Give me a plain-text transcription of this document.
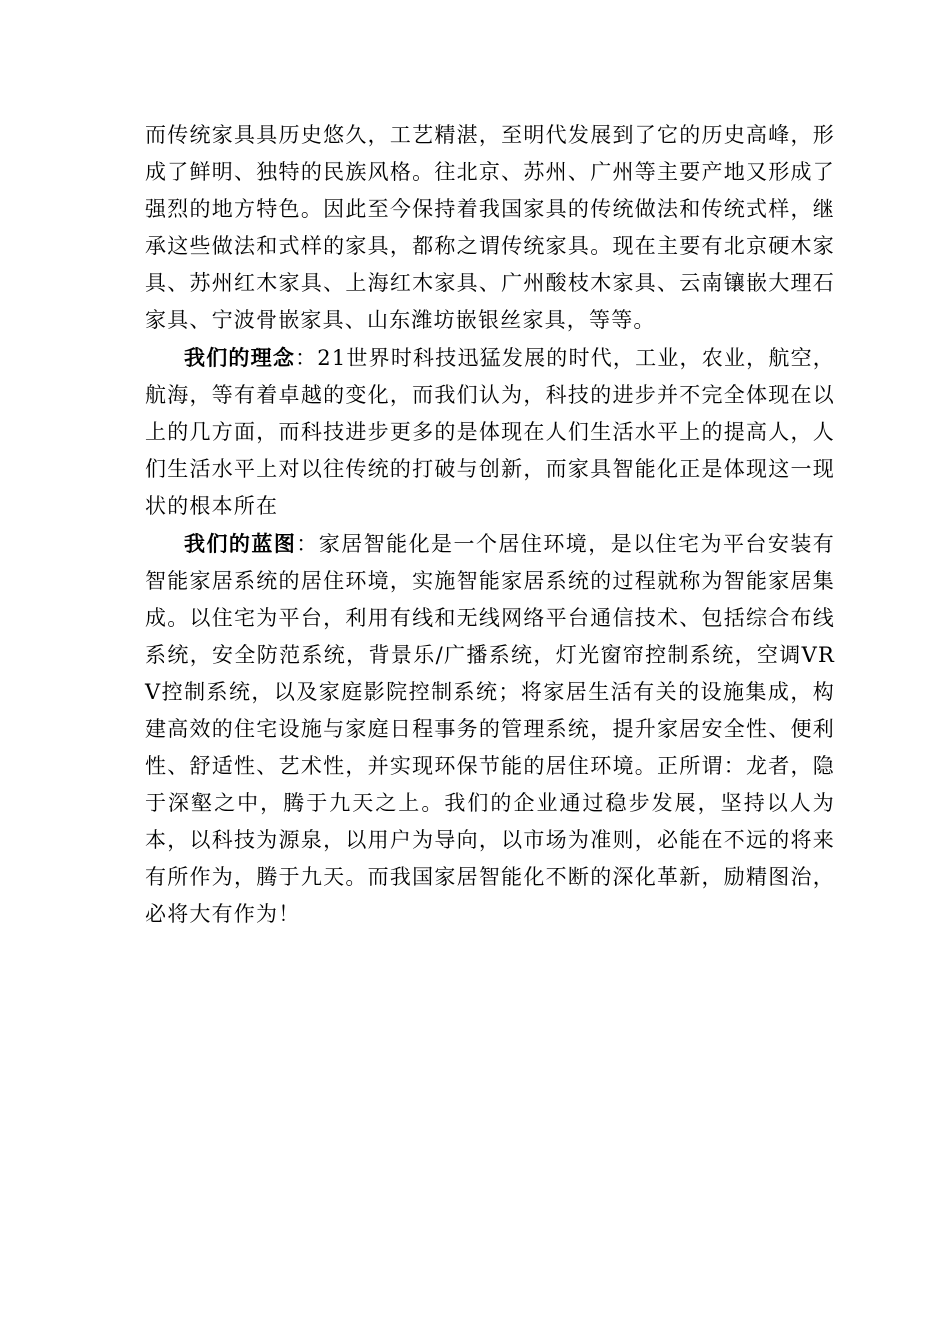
而传统家具具历史悠久，工艺精湛，至明代发展到了它的历史高峰，形成了鲜明、独特的民族风格。往北京、苏州、广州等主要产地又形成了强烈的地方特色。因此至今保持着我国家具的传统做法和传统式样，继承这些做法和式样的家具，都称之谓传统家具。现在主要有北京硬木家具、苏州红木家具、上海红木家具、广州酸枝木家具、云南镶嵌大理石家具、宁波骨嵌家具、山东潍坊嵌银丝家具，等等。

我们的理念：21世界时科技迅猛发展的时代，工业，农业，航空，航海，等有着卓越的变化，而我们认为，科技的进步并不完全体现在以上的几方面，而科技进步更多的是体现在人们生活水平上的提高人，人们生活水平上对以往传统的打破与创新，而家具智能化正是体现这一现状的根本所在

我们的蓝图：家居智能化是一个居住环境，是以住宅为平台安装有智能家居系统的居住环境，实施智能家居系统的过程就称为智能家居集成。以住宅为平台，利用有线和无线网络平台通信技术、包括综合布线系统，安全防范系统，背景乐/广播系统，灯光窗帘控制系统，空调VRV控制系统，以及家庭影院控制系统；将家居生活有关的设施集成，构建高效的住宅设施与家庭日程事务的管理系统，提升家居安全性、便利性、舒适性、艺术性，并实现环保节能的居住环境。正所谓：龙者，隐于深壑之中，腾于九天之上。我们的企业通过稳步发展，坚持以人为本，以科技为源泉，以用户为导向，以市场为准则，必能在不远的将来有所作为，腾于九天。而我国家居智能化不断的深化革新，励精图治，必将大有作为！
